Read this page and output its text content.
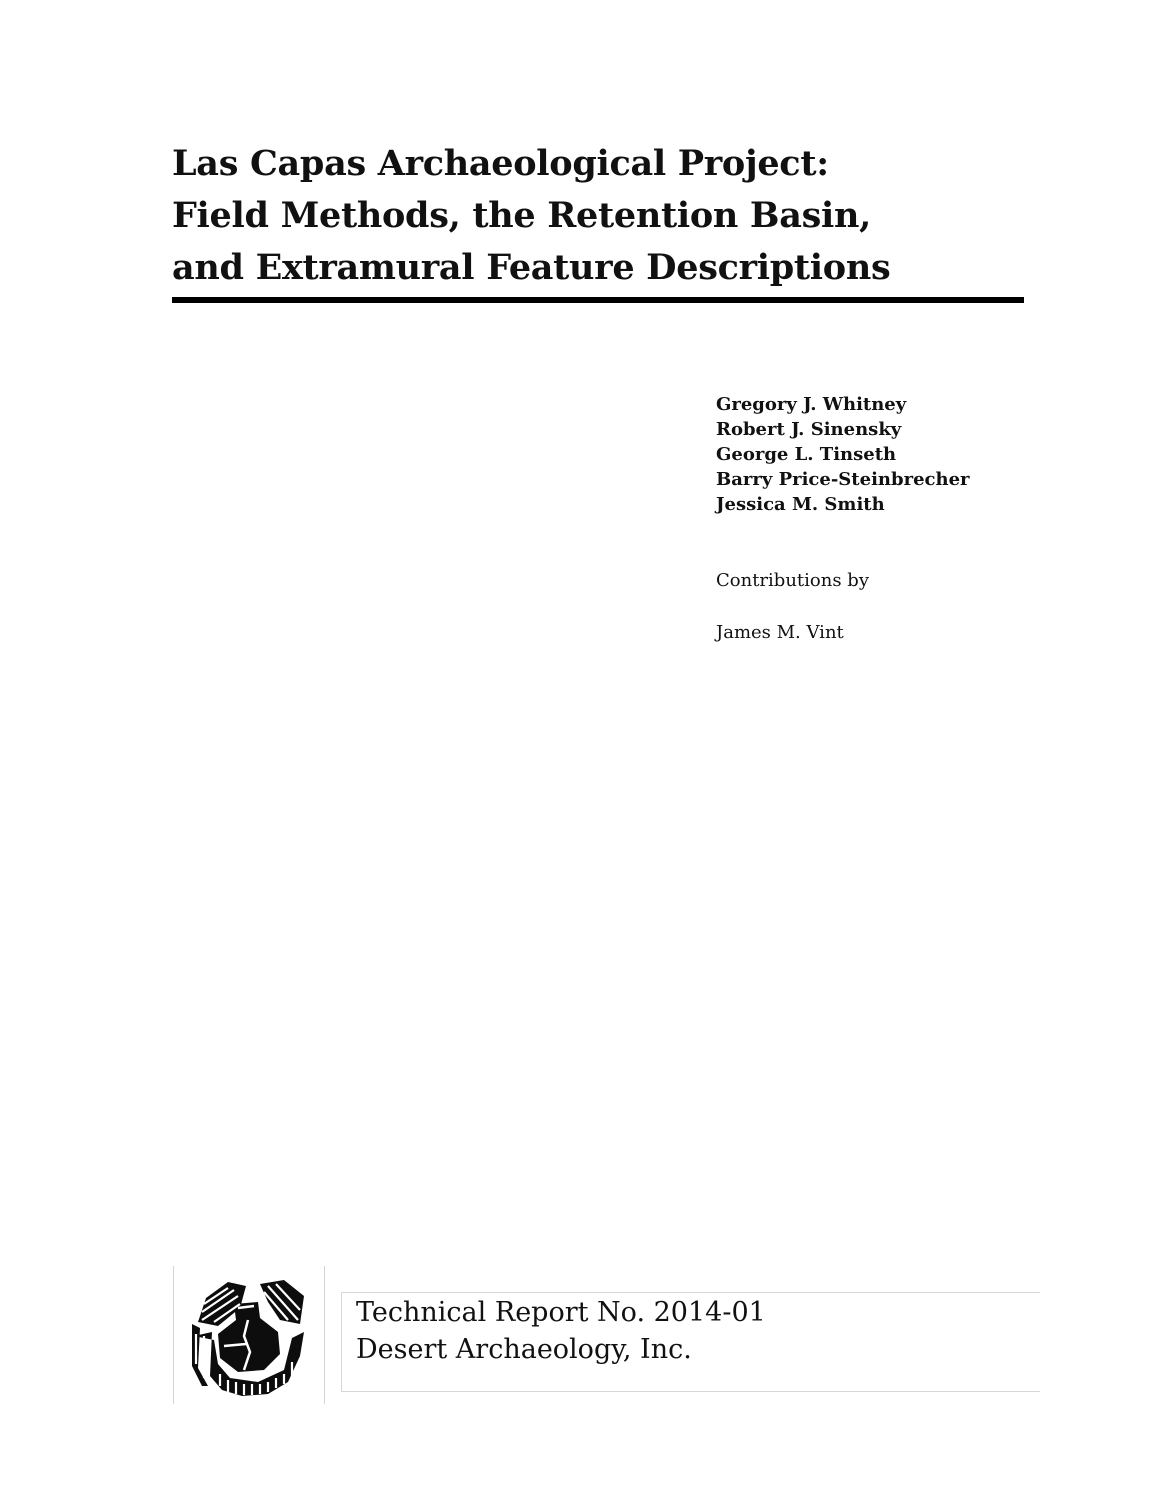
Las Capas Archaeological Project:
Field Methods, the Retention Basin,
and Extramural Feature Descriptions
Gregory J. Whitney
Robert J. Sinensky
George L. Tinseth
Barry Price-Steinbrecher
Jessica M. Smith
Contributions by
James M. Vint
Technical Report No. 2014-01
Desert Archaeology, Inc.
